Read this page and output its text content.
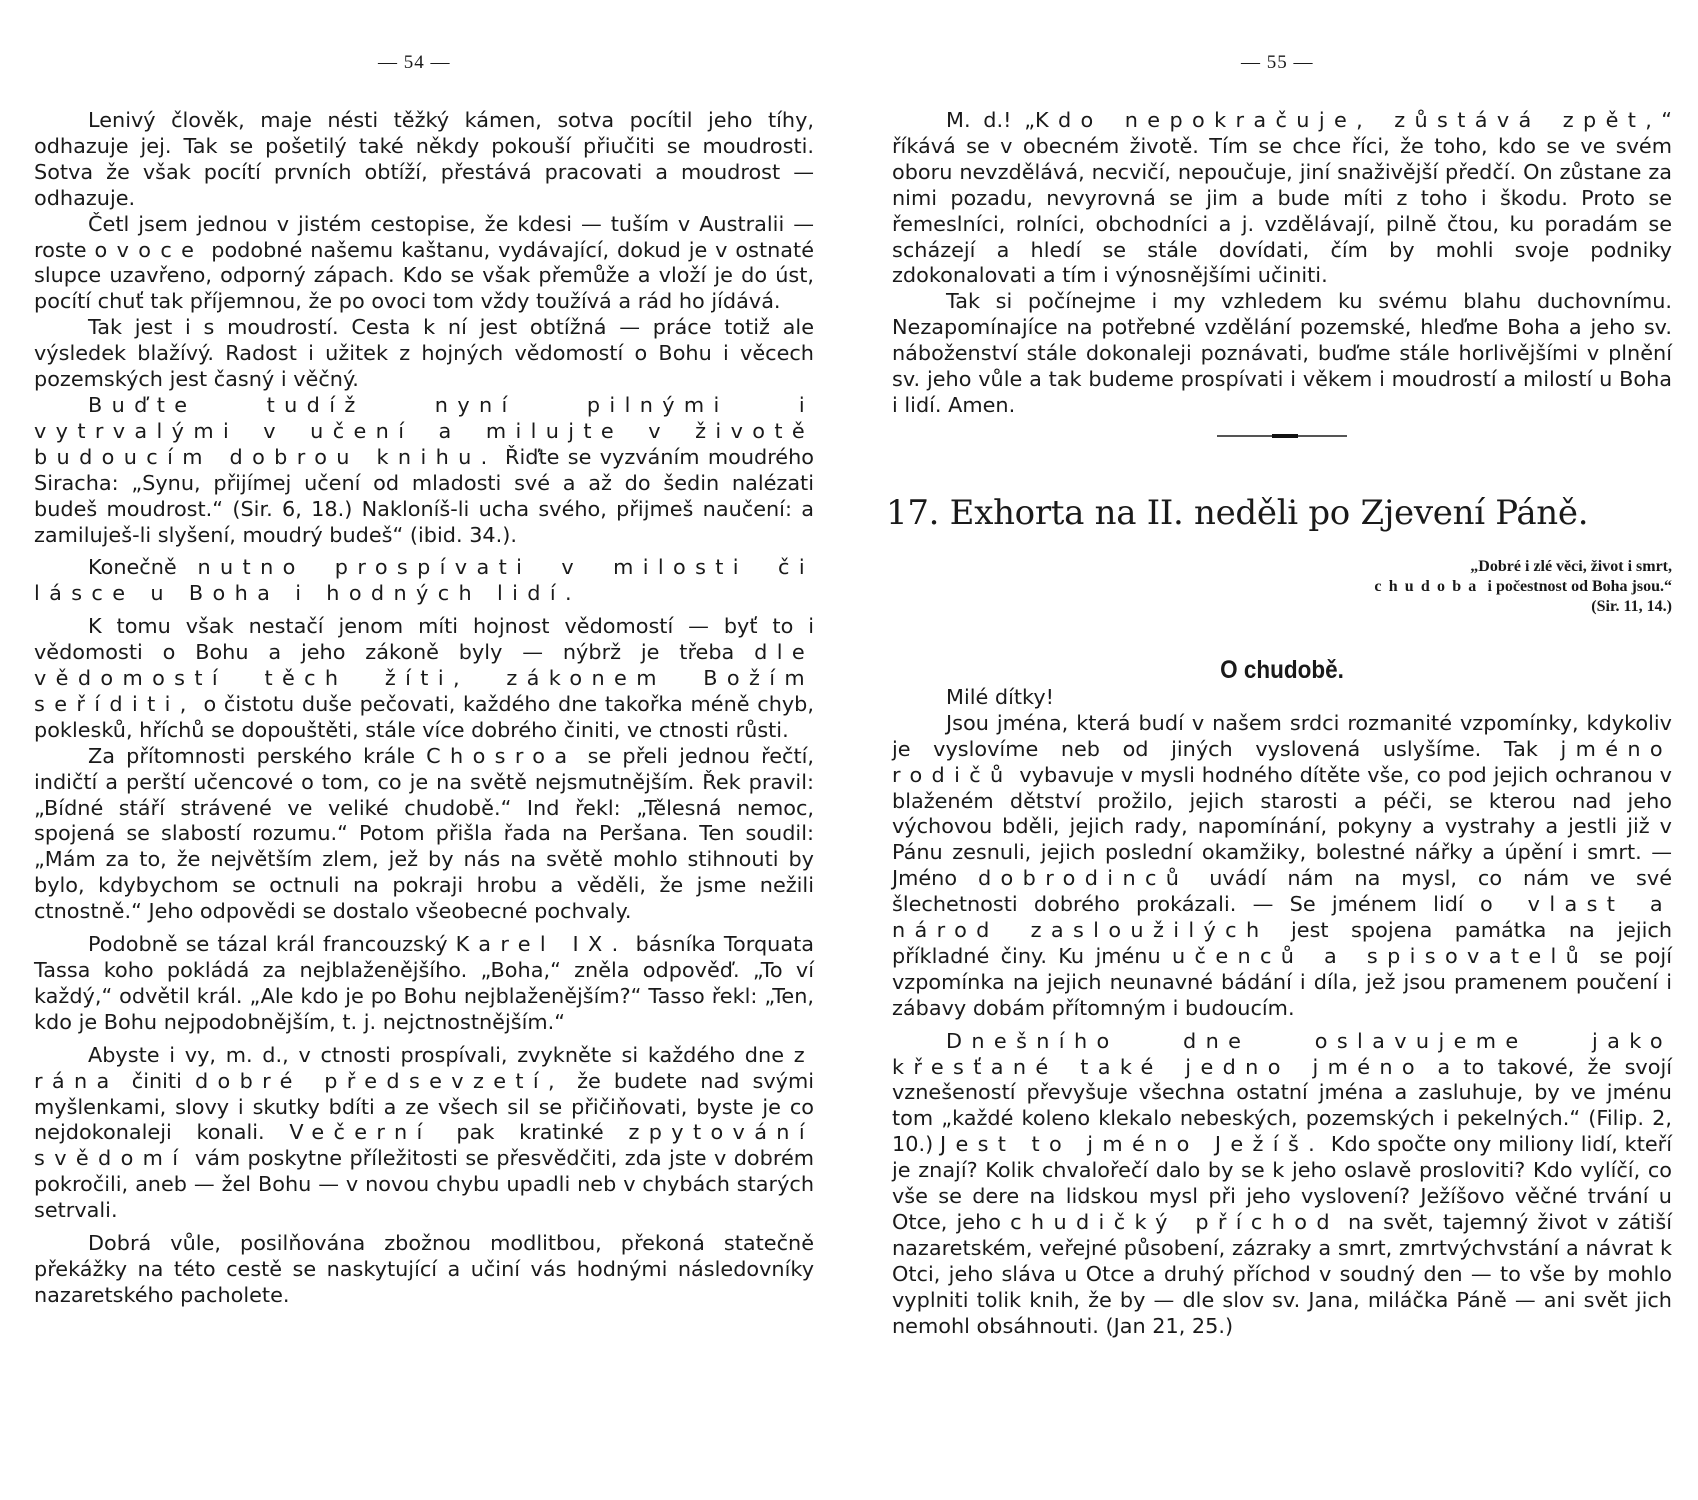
— 54 —

Lenivý člověk, maje nésti těžký kámen, sotva pocítil jeho tíhy, odhazuje jej. Tak se pošetilý také někdy pokouší přiučiti se moudrosti. Sotva že však pocítí prvních obtíží, přestává pracovati a moudrost — odhazuje.

Četl jsem jednou v jistém cestopise, že kdesi — tuším v Australii — roste ovoce podobné našemu kaštanu, vydávající, dokud je v ostnaté slupce uzavřeno, odporný zápach. Kdo se však přemůže a vloží je do úst, pocítí chuť tak příjemnou, že po ovoci tom vždy toužívá a rád ho jídává.

Tak jest i s moudrostí. Cesta k ní jest obtížná — práce totiž ale výsledek blažívý. Radost i užitek z hojných vědomostí o Bohu i věcech pozemských jest časný i věčný.

Buďte tudíž nyní pilnými i vytrvalými v učení a milujte v životě budoucím dobrou knihu. Řiďte se vyzváním moudrého Siracha: „Synu, přijímej učení od mladosti své a až do šedin nalézati budeš moudrost.“ (Sir. 6, 18.) Nakloníš-li ucha svého, přijmeš naučení: a zamiluješ-li slyšení, moudrý budeš“ (ibid. 34.).

Konečně nutno prospívati v milosti či lásce u Boha i hodných lidí.

K tomu však nestačí jenom míti hojnost vědomostí — byť to i vědomosti o Bohu a jeho zákoně byly — nýbrž je třeba dle vědomostí těch žíti, zákonem Božím seříditi, o čistotu duše pečovati, každého dne takořka méně chyb, poklesků, hříchů se dopouštěti, stále více dobrého činiti, ve ctnosti růsti.

Za přítomnosti perského krále Chosroa se přeli jednou řečtí, indičtí a perští učencové o tom, co je na světě nejsmutnějším. Řek pravil: „Bídné stáří strávené ve veliké chudobě.“ Ind řekl: „Tělesná nemoc, spojená se slabostí rozumu.“ Potom přišla řada na Peršana. Ten soudil: „Mám za to, že největším zlem, jež by nás na světě mohlo stihnouti by bylo, kdybychom se octnuli na pokraji hrobu a věděli, že jsme nežili ctnostně.“ Jeho odpovědi se dostalo všeobecné pochvaly.

Podobně se tázal král francouzský Karel IX. básníka Torquata Tassa koho pokládá za nejblaženějšího. „Boha,“ zněla odpověď. „To ví každý,“ odvětil král. „Ale kdo je po Bohu nejblaženějším?“ Tasso řekl: „Ten, kdo je Bohu nejpodobnějším, t. j. nejctnostnějším.“

Abyste i vy, m. d., v ctnosti prospívali, zvykněte si každého dne z rána činiti dobré předsevzetí, že budete nad svými myšlenkami, slovy i skutky bdíti a ze všech sil se přičiňovati, byste je co nejdokonaleji konali. Večerní pak kratinké zpytování svědomí vám poskytne příležitosti se přesvědčiti, zda jste v dobrém pokročili, aneb — žel Bohu — v novou chybu upadli neb v chybách starých setrvali.

Dobrá vůle, posilňována zbožnou modlitbou, překoná statečně překážky na této cestě se naskytující a učiní vás hodnými následovníky nazaretského pacholete.

— 55 —

M. d.! „Kdo nepokračuje, zůstává zpět,“ říkává se v obecném životě. Tím se chce říci, že toho, kdo se ve svém oboru nevzdělává, necvičí, nepoučuje, jiní snaživější předčí. On zůstane za nimi pozadu, nevyrovná se jim a bude míti z toho i škodu. Proto se řemeslníci, rolníci, obchodníci a j. vzdělávají, pilně čtou, ku poradám se scházejí a hledí se stále dovídati, čím by mohli svoje podniky zdokonalovati a tím i výnosnějšími učiniti.

Tak si počínejme i my vzhledem ku svému blahu duchovnímu. Nezapomínajíce na potřebné vzdělání pozemské, hleďme Boha a jeho sv. náboženství stále dokonaleji poznávati, buďme stále horlivějšími v plnění sv. jeho vůle a tak budeme prospívati i věkem i moudrostí a milostí u Boha i lidí. Amen.

17. Exhorta na II. neděli po Zjevení Páně.
„Dobré i zlé věci, život i smrt,
chudoba i počestnost od Boha jsou.“
(Sir. 11, 14.)
O chudobě.

Milé dítky!

Jsou jména, která budí v našem srdci rozmanité vzpomínky, kdykoliv je vyslovíme neb od jiných vyslovená uslyšíme. Tak jméno rodičů vybavuje v mysli hodného dítěte vše, co pod jejich ochranou v blaženém dětství prožilo, jejich starosti a péči, se kterou nad jeho výchovou bděli, jejich rady, napomínání, pokyny a vystrahy a jestli již v Pánu zesnuli, jejich poslední okamžiky, bolestné nářky a úpění i smrt. — Jméno dobrodinců uvádí nám na mysl, co nám ve své šlechetnosti dobrého prokázali. — Se jménem lidí o vlast a národ zasloužilých jest spojena památka na jejich příkladné činy. Ku jménu učenců a spisovatelů se pojí vzpomínka na jejich neunavné bádání i díla, jež jsou pramenem poučení i zábavy dobám přítomným i budoucím.

Dnešního dne oslavujeme jako křesťané také jedno jméno a to takové, že svojí vznešeností převyšuje všechna ostatní jména a zasluhuje, by ve jménu tom „každé koleno klekalo nebeských, pozemských i pekelných.“ (Filip. 2, 10.) Jest to jméno Ježíš. Kdo spočte ony miliony lidí, kteří je znají? Kolik chvalořečí dalo by se k jeho oslavě prosloviti? Kdo vylíčí, co vše se dere na lidskou mysl při jeho vyslovení? Ježíšovo věčné trvání u Otce, jeho chudičký příchod na svět, tajemný život v zátiší nazaretském, veřejné působení, zázraky a smrt, zmrtvýchvstání a návrat k Otci, jeho sláva u Otce a druhý příchod v soudný den — to vše by mohlo vyplniti tolik knih, že by — dle slov sv. Jana, miláčka Páně — ani svět jich nemohl obsáhnouti. (Jan 21, 25.)
